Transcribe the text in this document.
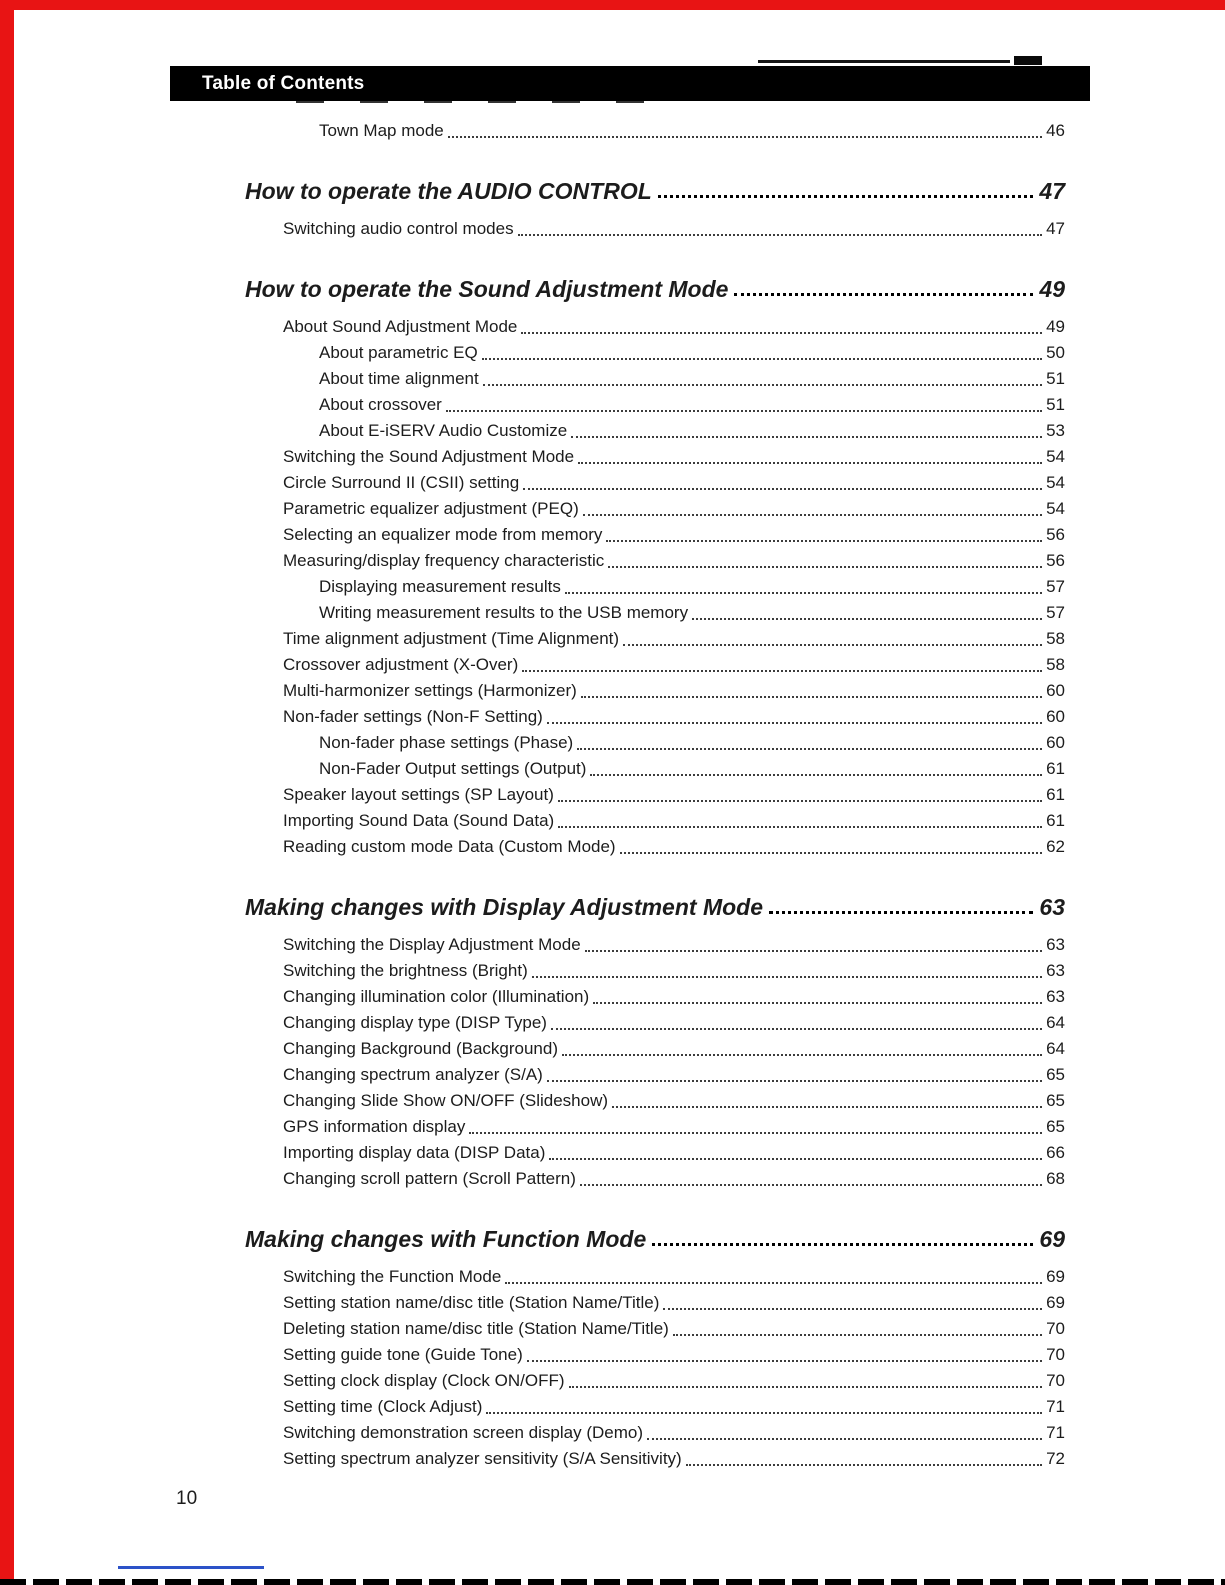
Table of Contents
Town Map mode	46
How to operate the AUDIO CONTROL	47
Switching audio control modes	47
How to operate the Sound Adjustment Mode	49
About Sound Adjustment Mode	49
About parametric EQ	50
About time alignment	51
About crossover	51
About E-iSERV Audio Customize	53
Switching the Sound Adjustment Mode	54
Circle Surround II (CSII) setting	54
Parametric equalizer adjustment (PEQ)	54
Selecting an equalizer mode from memory	56
Measuring/display frequency characteristic	56
Displaying measurement results	57
Writing measurement results to the USB memory	57
Time alignment adjustment (Time Alignment)	58
Crossover adjustment (X-Over)	58
Multi-harmonizer settings (Harmonizer)	60
Non-fader settings (Non-F Setting)	60
Non-fader phase settings (Phase)	60
Non-Fader Output settings (Output)	61
Speaker layout settings (SP Layout)	61
Importing Sound Data (Sound Data)	61
Reading custom mode Data (Custom Mode)	62
Making changes with Display Adjustment Mode	63
Switching the Display Adjustment Mode	63
Switching the brightness (Bright)	63
Changing illumination color (Illumination)	63
Changing display type (DISP Type)	64
Changing Background (Background)	64
Changing spectrum analyzer (S/A)	65
Changing Slide Show ON/OFF (Slideshow)	65
GPS information display	65
Importing display data (DISP Data)	66
Changing scroll pattern (Scroll Pattern)	68
Making changes with Function Mode	69
Switching the Function Mode	69
Setting station name/disc title (Station Name/Title)	69
Deleting station name/disc title (Station Name/Title)	70
Setting guide tone (Guide Tone)	70
Setting clock display (Clock ON/OFF)	70
Setting time (Clock Adjust)	71
Switching demonstration screen display (Demo)	71
Setting spectrum analyzer sensitivity (S/A Sensitivity)	72
10
